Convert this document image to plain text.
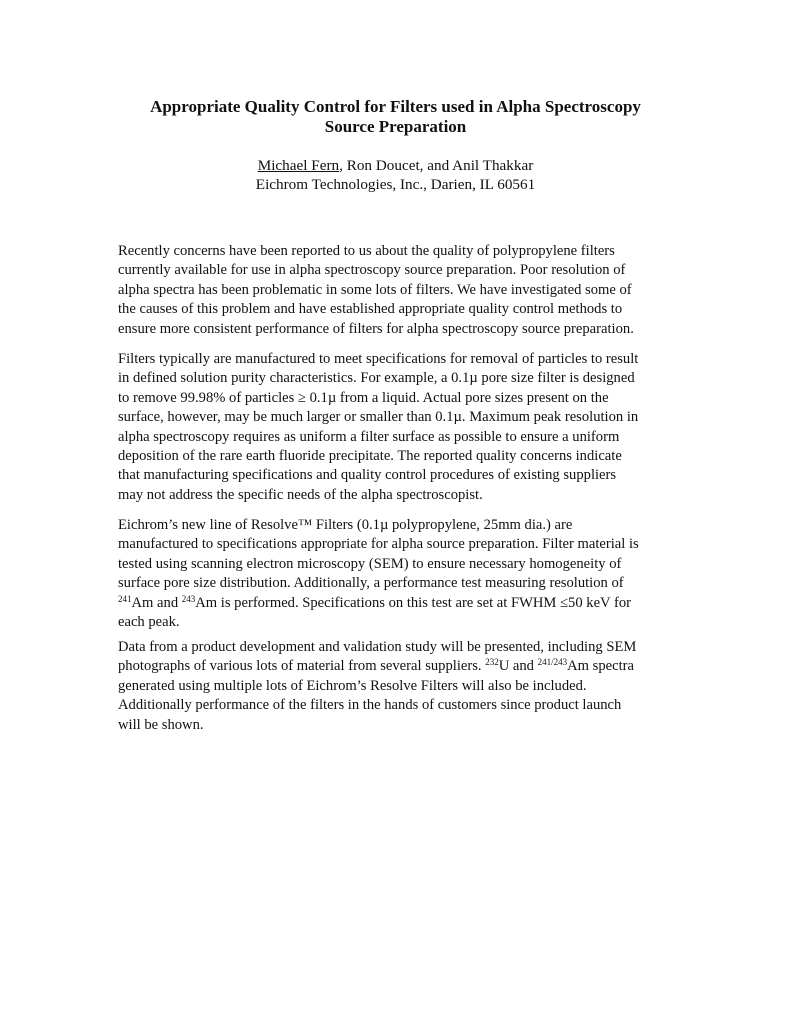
Appropriate Quality Control for Filters used in Alpha Spectroscopy
Source Preparation
Michael Fern, Ron Doucet, and Anil Thakkar
Eichrom Technologies, Inc., Darien, IL 60561
Recently concerns have been reported to us about the quality of polypropylene filters
currently available for use in alpha spectroscopy source preparation. Poor resolution of
alpha spectra has been problematic in some lots of filters. We have investigated some of
the causes of this problem and have established appropriate quality control methods to
ensure more consistent performance of filters for alpha spectroscopy source preparation.
Filters typically are manufactured to meet specifications for removal of particles to result
in defined solution purity characteristics. For example, a 0.1µ pore size filter is designed
to remove 99.98% of particles ≥ 0.1µ from a liquid. Actual pore sizes present on the
surface, however, may be much larger or smaller than 0.1µ. Maximum peak resolution in
alpha spectroscopy requires as uniform a filter surface as possible to ensure a uniform
deposition of the rare earth fluoride precipitate. The reported quality concerns indicate
that manufacturing specifications and quality control procedures of existing suppliers
may not address the specific needs of the alpha spectroscopist.
Eichrom’s new line of Resolve™ Filters (0.1µ polypropylene, 25mm dia.) are
manufactured to specifications appropriate for alpha source preparation. Filter material is
tested using scanning electron microscopy (SEM) to ensure necessary homogeneity of
surface pore size distribution. Additionally, a performance test measuring resolution of
$^{241}$Am and $^{243}$Am is performed. Specifications on this test are set at FWHM ≤50 keV for
each peak.
Data from a product development and validation study will be presented, including SEM
photographs of various lots of material from several suppliers. $^{232}$U and $^{241/243}$Am spectra
generated using multiple lots of Eichrom’s Resolve Filters will also be included.
Additionally performance of the filters in the hands of customers since product launch
will be shown.
